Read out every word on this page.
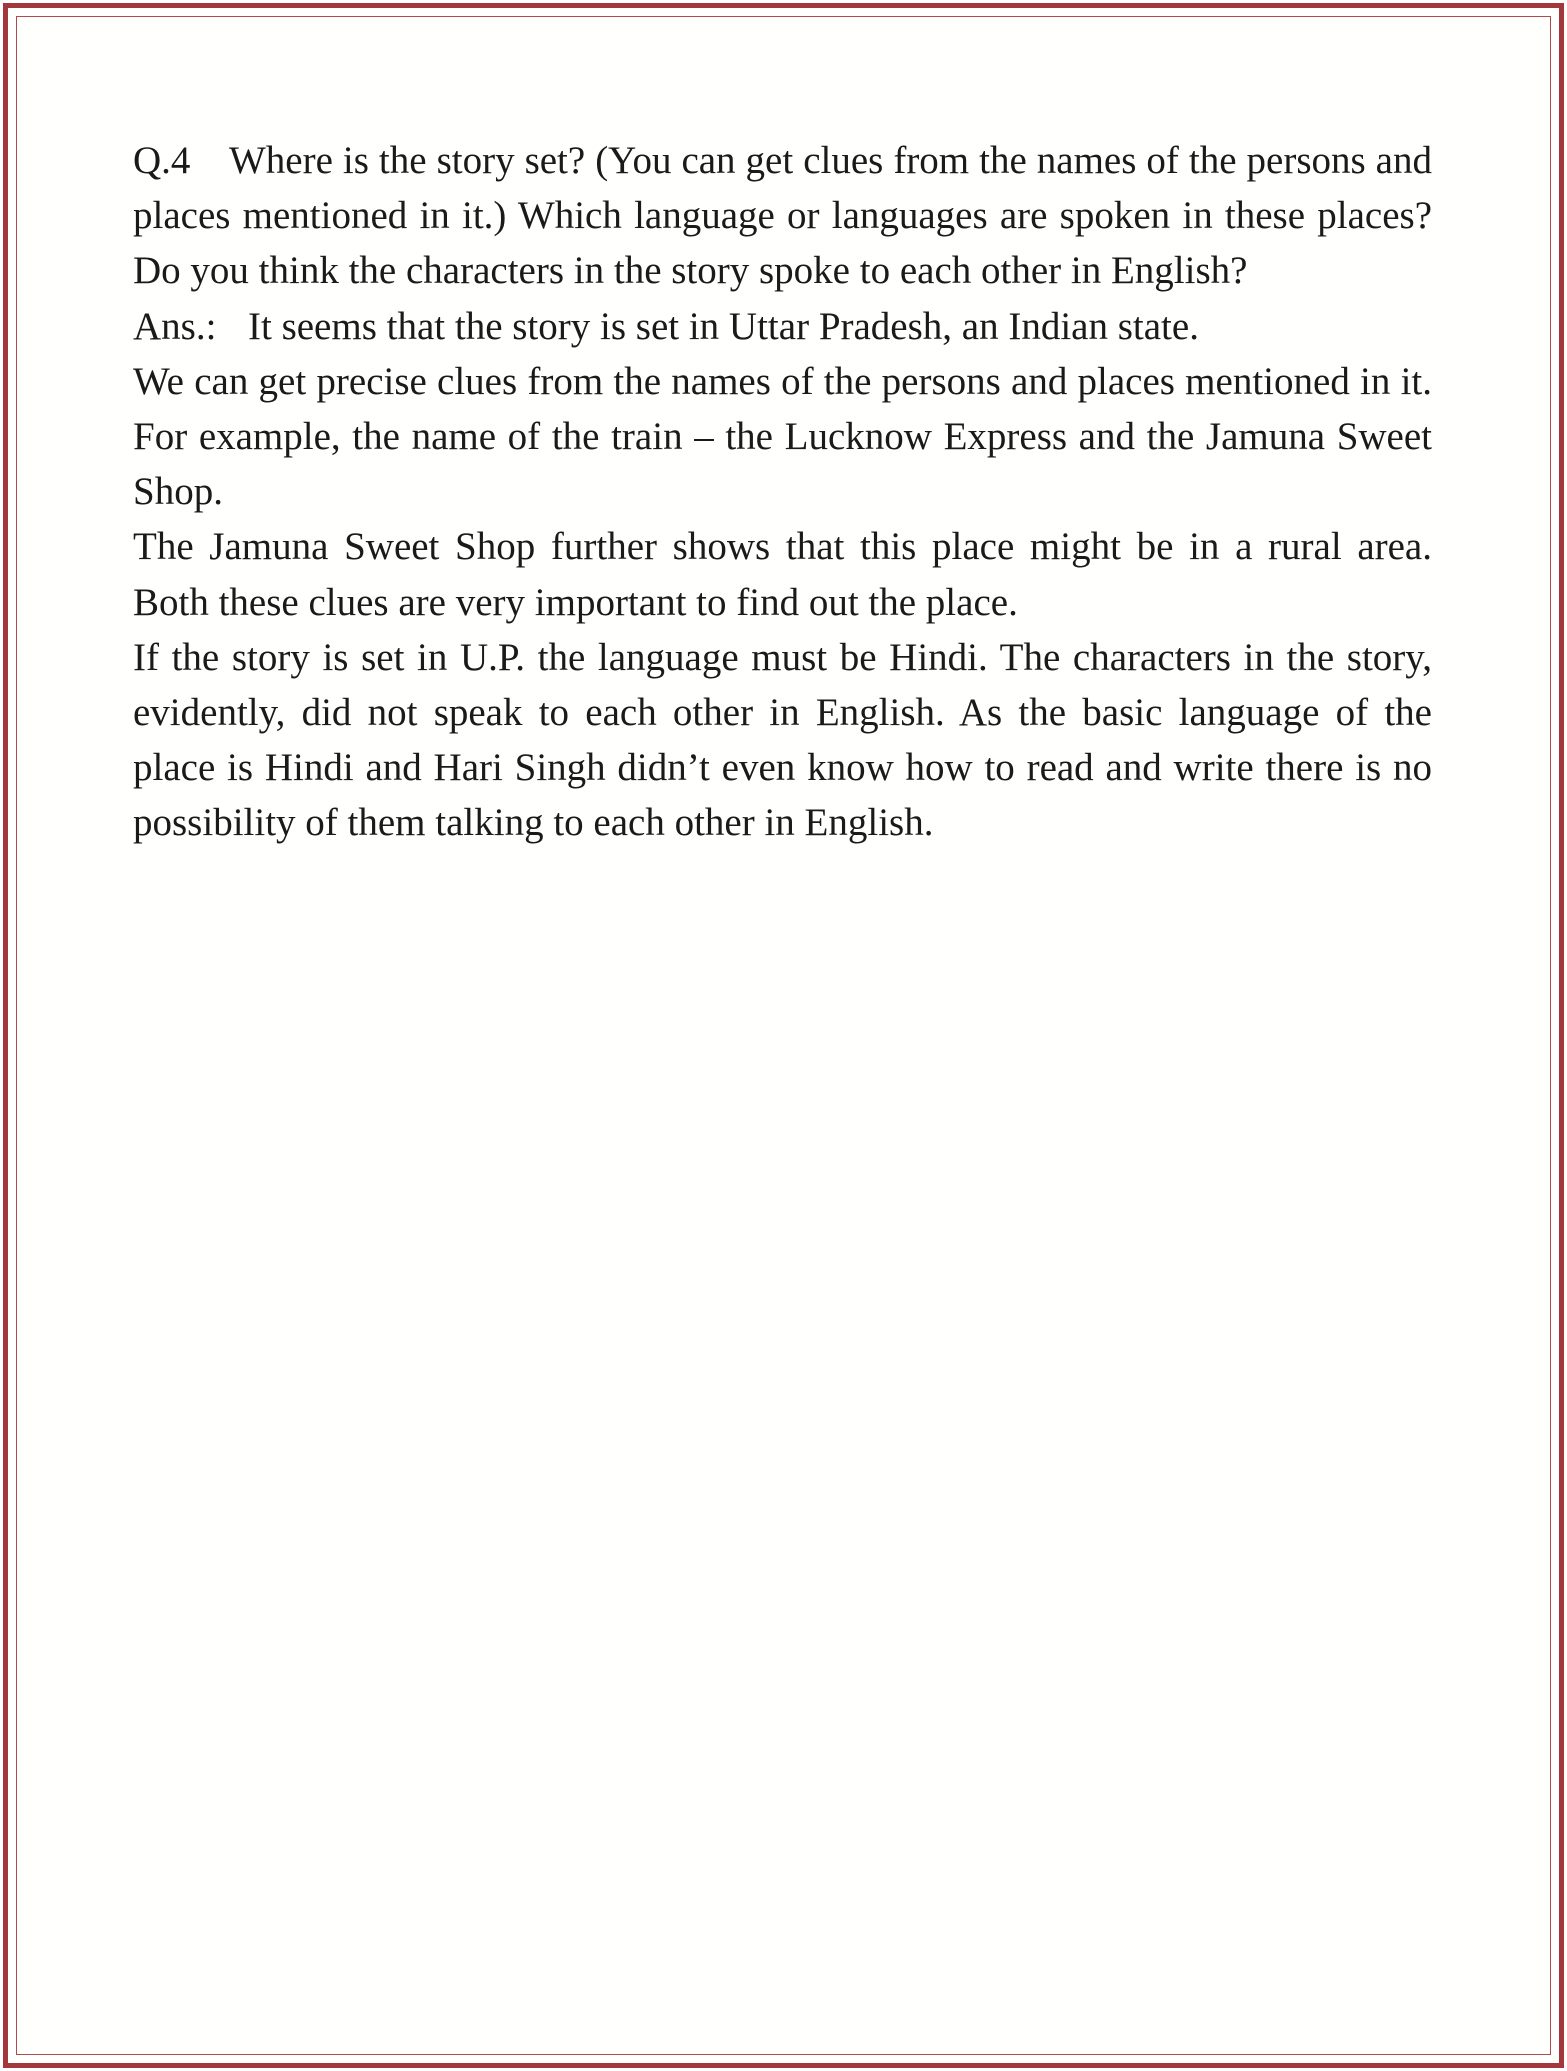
Q.4 Where is the story set? (You can get clues from the names of the persons and places mentioned in it.) Which language or languages are spoken in these places? Do you think the characters in the story spoke to each other in English?

Ans.: It seems that the story is set in Uttar Pradesh, an Indian state.

We can get precise clues from the names of the persons and places mentioned in it. For example, the name of the train – the Lucknow Express and the Jamuna Sweet Shop.

The Jamuna Sweet Shop further shows that this place might be in a rural area. Both these clues are very important to find out the place.

If the story is set in U.P. the language must be Hindi. The characters in the story, evidently, did not speak to each other in English. As the basic language of the place is Hindi and Hari Singh didn’t even know how to read and write there is no possibility of them talking to each other in English.
